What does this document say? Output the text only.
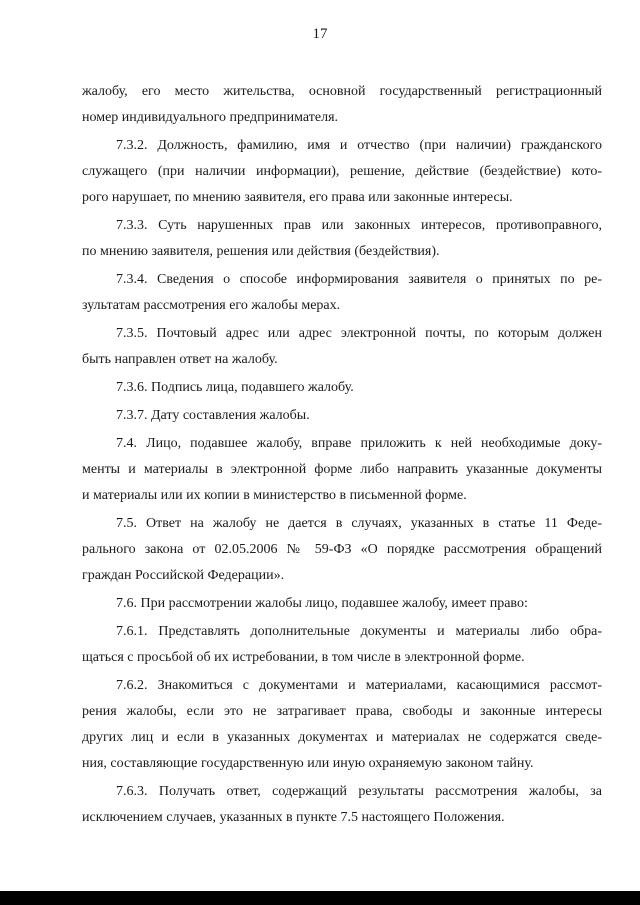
17
жалобу, его место жительства, основной государственный регистрационный
номер индивидуального предпринимателя.
7.3.2. Должность, фамилию, имя и отчество (при наличии) гражданского
служащего (при наличии информации), решение, действие (бездействие) кото-
рого нарушает, по мнению заявителя, его права или законные интересы.
7.3.3. Суть нарушенных прав или законных интересов, противоправного,
по мнению заявителя, решения или действия (бездействия).
7.3.4. Сведения о способе информирования заявителя о принятых по ре-
зультатам рассмотрения его жалобы мерах.
7.3.5. Почтовый адрес или адрес электронной почты, по которым должен
быть направлен ответ на жалобу.
7.3.6. Подпись лица, подавшего жалобу.
7.3.7. Дату составления жалобы.
7.4. Лицо, подавшее жалобу, вправе приложить к ней необходимые доку-
менты и материалы в электронной форме либо направить указанные документы
и материалы или их копии в министерство в письменной форме.
7.5. Ответ на жалобу не дается в случаях, указанных в статье 11 Феде-
рального закона от 02.05.2006 № 59-ФЗ «О порядке рассмотрения обращений
граждан Российской Федерации».
7.6. При рассмотрении жалобы лицо, подавшее жалобу, имеет право:
7.6.1. Представлять дополнительные документы и материалы либо обра-
щаться с просьбой об их истребовании, в том числе в электронной форме.
7.6.2. Знакомиться с документами и материалами, касающимися рассмот-
рения жалобы, если это не затрагивает права, свободы и законные интересы
других лиц и если в указанных документах и материалах не содержатся сведе-
ния, составляющие государственную или иную охраняемую законом тайну.
7.6.3. Получать ответ, содержащий результаты рассмотрения жалобы, за
исключением случаев, указанных в пункте 7.5 настоящего Положения.
